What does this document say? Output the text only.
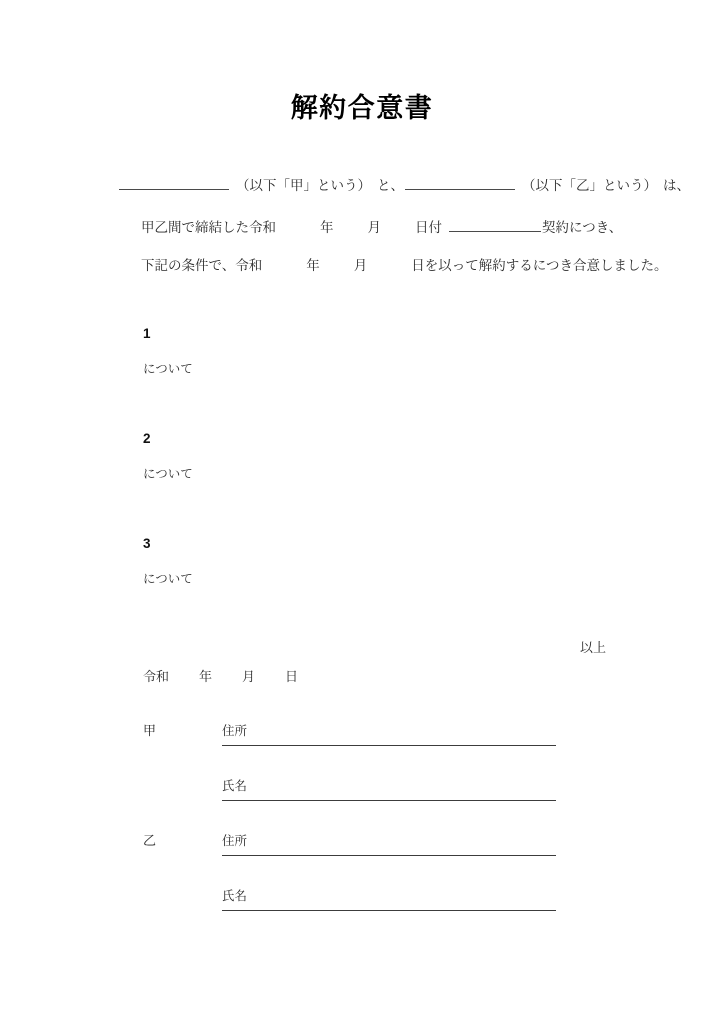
解約合意書
（以下「甲」という） と、	（以下「乙」という） は、
甲乙間で締結した令和	年	月	日付	契約につき、
下記の条件で、令和	年	月	日を以って解約するにつき合意しました。
1
について
2
について
3
について
以上
令和 年 月 日
甲	住所
氏名
乙	住所
氏名
